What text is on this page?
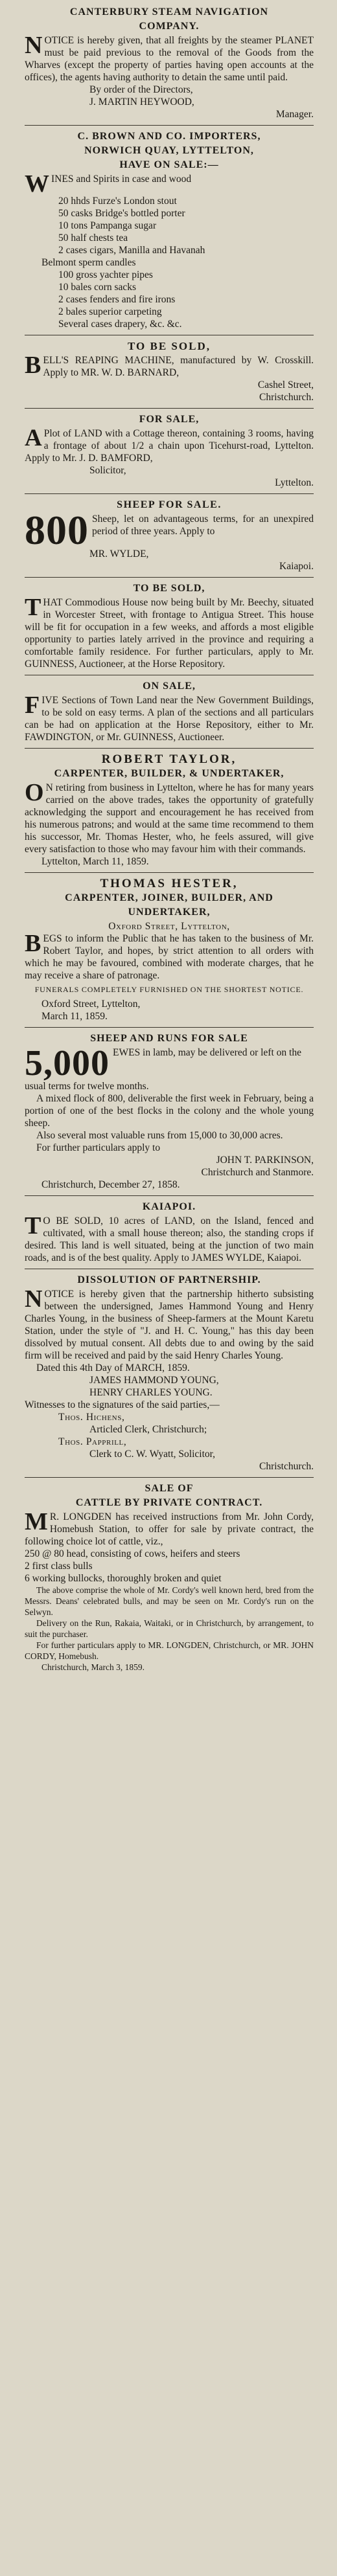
CANTERBURY STEAM NAVIGATION
COMPANY.

NOTICE is hereby given, that all freights by the steamer PLANET must be paid previous to the removal of the Goods from the Wharves (except the property of parties having open accounts at the offices), the agents having authority to detain the same until paid.

By order of the Directors,

J. MARTIN HEYWOOD,

Manager.

C. BROWN AND CO. IMPORTERS,
NORWICH QUAY, LYTTELTON,
HAVE ON SALE:—

WINES and Spirits in case and wood

20 hhds Furze's London stout

50 casks Bridge's bottled porter

10 tons Pampanga sugar

50 half chests tea

2 cases cigars, Manilla and Havanah

Belmont sperm candles

100 gross yachter pipes

10 bales corn sacks

2 cases fenders and fire irons

2 bales superior carpeting

Several cases drapery, &c. &c.

TO BE SOLD,

BELL'S REAPING MACHINE, manufactured by W. Crosskill. Apply to MR. W. D. BARNARD,

Cashel Street,

Christchurch.

FOR SALE,

A Plot of LAND with a Cottage thereon, containing 3 rooms, having a frontage of about 1/2 a chain upon Ticehurst-road, Lyttelton. Apply to Mr. J. D. BAMFORD,

Solicitor,

Lyttelton.

SHEEP FOR SALE.

800 Sheep, let on advantageous terms, for an unexpired period of three years. Apply to

MR. WYLDE,

Kaiapoi.

TO BE SOLD,

THAT Commodious House now being built by Mr. Beechy, situated in Worcester Street, with frontage to Antigua Street. This house will be fit for occupation in a few weeks, and affords a most eligible opportunity to parties lately arrived in the province and requiring a comfortable family residence. For further particulars, apply to Mr. GUINNESS, Auctioneer, at the Horse Repository.

ON SALE,

FIVE Sections of Town Land near the New Government Buildings, to be sold on easy terms. A plan of the sections and all particulars can be had on application at the Horse Repository, either to Mr. FAWDINGTON, or Mr. GUINNESS, Auctioneer.

ROBERT TAYLOR,
CARPENTER, BUILDER, & UNDERTAKER,

O N retiring from business in Lyttelton, where he has for many years carried on the above trades, takes the opportunity of gratefully acknowledging the support and encouragement he has received from his numerous patrons; and would at the same time recommend to them his successor, Mr. Thomas Hester, who, he feels assured, will give every satisfaction to those who may favour him with their commands.

Lyttelton, March 11, 1859.

THOMAS HESTER,
CARPENTER, JOINER, BUILDER, AND
UNDERTAKER,

Oxford Street, Lyttelton,

BEGS to inform the Public that he has taken to the business of Mr. Robert Taylor, and hopes, by strict attention to all orders with which he may be favoured, combined with moderate charges, that he may receive a share of patronage.

FUNERALS COMPLETELY FURNISHED ON THE SHORTEST NOTICE.

Oxford Street, Lyttelton,

March 11, 1859.

SHEEP AND RUNS FOR SALE

5,000 EWES in lamb, may be delivered or left on the

usual terms for twelve months.

A mixed flock of 800, deliverable the first week in February, being a portion of one of the best flocks in the colony and the whole young sheep.

Also several most valuable runs from 15,000 to 30,000 acres.

For further particulars apply to

JOHN T. PARKINSON,

Christchurch and Stanmore.

Christchurch, December 27, 1858.

KAIAPOI.

T O BE SOLD, 10 acres of LAND, on the Island, fenced and cultivated, with a small house thereon; also, the standing crops if desired. This land is well situated, being at the junction of two main roads, and is of the best quality. Apply to JAMES WYLDE, Kaiapoi.

DISSOLUTION OF PARTNERSHIP.

NOTICE is hereby given that the partnership hitherto subsisting between the undersigned, James Hammond Young and Henry Charles Young, in the business of Sheep-farmers at the Mount Karetu Station, under the style of "J. and H. C. Young," has this day been dissolved by mutual consent. All debts due to and owing by the said firm will be received and paid by the said Henry Charles Young.

Dated this 4th Day of MARCH, 1859.

JAMES HAMMOND YOUNG,

HENRY CHARLES YOUNG.

Witnesses to the signatures of the said parties,—

Thos. Hichens,

Articled Clerk, Christchurch;

Thos. Papprill,

Clerk to C. W. Wyatt, Solicitor,

Christchurch.

SALE OF
CATTLE BY PRIVATE CONTRACT.

M R. LONGDEN has received instructions from Mr. John Cordy, Homebush Station, to offer for sale by private contract, the following choice lot of cattle, viz.,

250 @ 80 head, consisting of cows, heifers and steers

2 first class bulls

6 working bullocks, thoroughly broken and quiet

The above comprise the whole of Mr. Cordy's well known herd, bred from the Messrs. Deans' celebrated bulls, and may be seen on Mr. Cordy's run on the Selwyn.

Delivery on the Run, Rakaia, Waitaki, or in Christchurch, by arrangement, to suit the purchaser.

For further particulars apply to MR. LONGDEN, Christchurch, or MR. JOHN CORDY, Homebush.

Christchurch, March 3, 1859.
